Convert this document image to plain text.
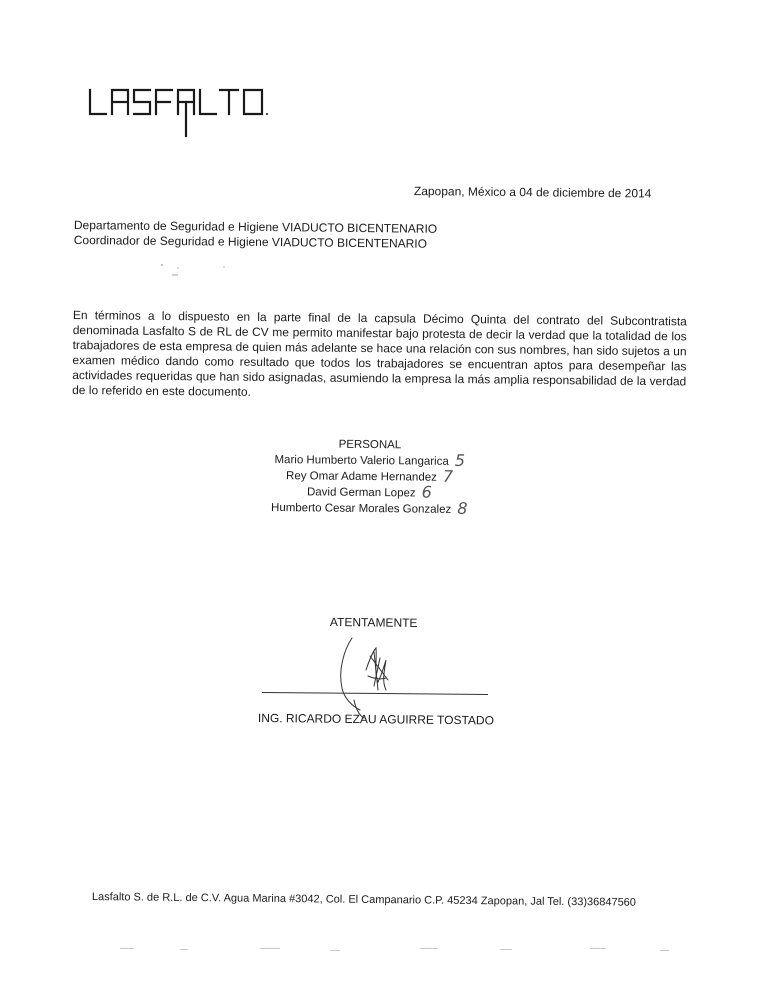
LASFALTO
Zapopan, México a 04 de diciembre de 2014
Departamento de Seguridad e Higiene VIADUCTO BICENTENARIO
Coordinador de Seguridad e Higiene VIADUCTO BICENTENARIO
En términos a lo dispuesto en la parte final de la capsula Décimo Quinta del contrato del Subcontratista denominada Lasfalto S de RL de CV me permito manifestar bajo protesta de decir la verdad que la totalidad de los trabajadores de esta empresa de quien más adelante se hace una relación con sus nombres, han sido sujetos a un examen médico dando como resultado que todos los trabajadores se encuentran aptos para desempeñar las actividades requeridas que han sido asignadas, asumiendo la empresa la más amplia responsabilidad de la verdad de lo referido en este documento.
PERSONAL
Mario Humberto Valerio Langarica 5
Rey Omar Adame Hernandez 7
David German Lopez 6
Humberto Cesar Morales Gonzalez 8
ATENTAMENTE
ING. RICARDO EZAU AGUIRRE TOSTADO
Lasfalto S. de R.L. de C.V. Agua Marina #3042, Col. El Campanario C.P. 45234 Zapopan, Jal Tel. (33)36847560
